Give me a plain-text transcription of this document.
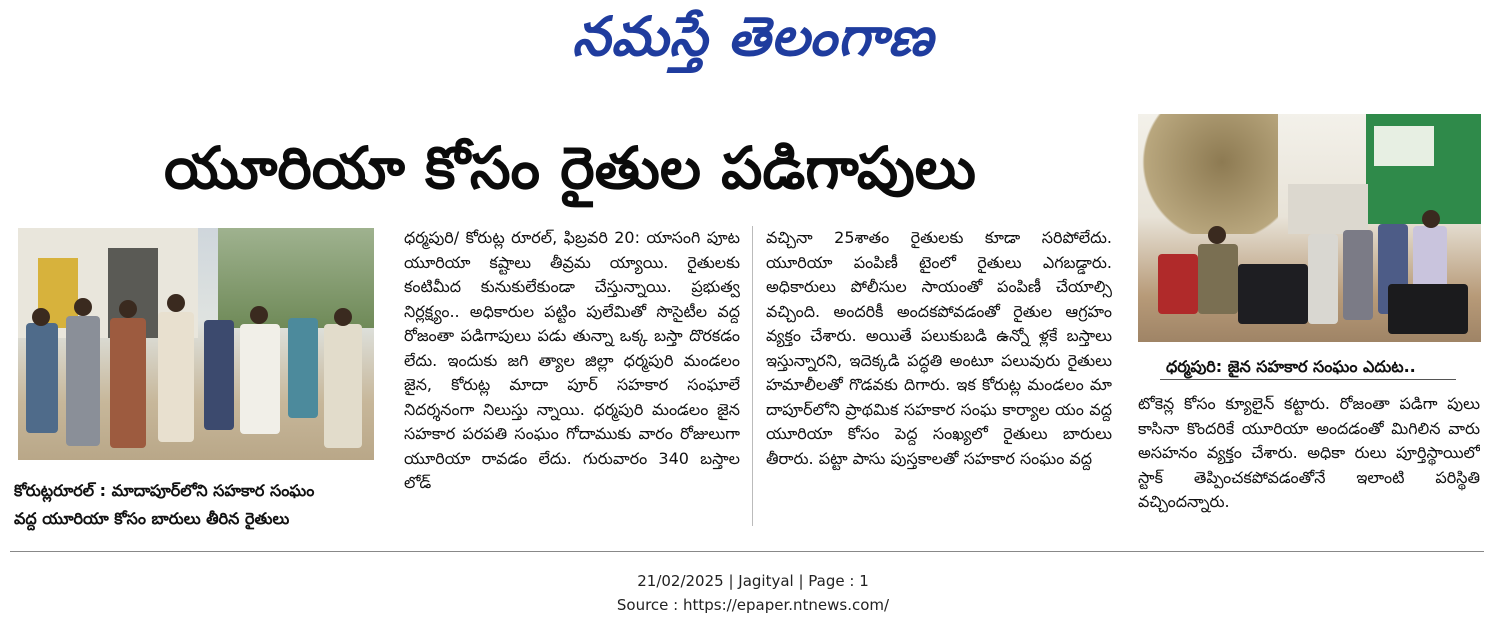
నమస్తే తెలంగాణ
యూరియా కోసం రైతుల పడిగాపులు
కోరుట్లరూరల్ : మాదాపూర్‌లోని సహకార సంఘం
వద్ద యూరియా కోసం బారులు తీరిన రైతులు

ధర్మపురి/ కోరుట్ల రూరల్, ఫిబ్రవరి 20: యాసంగి పూట యూరియా కష్టాలు తీవ్రమ య్యాయి. రైతులకు కంటిమీద కునుకులేకుండా చేస్తున్నాయి. ప్రభుత్వ నిర్లక్ష్యం.. అధికారుల పట్టిం పులేమితో సొసైటీల వద్ద రోజంతా పడిగాపులు పడు తున్నా ఒక్క బస్తా దొరకడం లేదు. ఇందుకు జగి త్యాల జిల్లా ధర్మపురి మండలం జైన, కోరుట్ల మాదా పూర్ సహకార సంఘాలే నిదర్శనంగా నిలుస్తు న్నాయి. ధర్మపురి మండలం జైన సహకార పరపతి సంఘం గోదాముకు వారం రోజులుగా యూరియా రావడం లేదు. గురువారం 340 బస్తాల లోడ్

వచ్చినా 25శాతం రైతులకు కూడా సరిపోలేదు. యూరియా పంపిణీ టైంలో రైతులు ఎగబడ్డారు. అధికారులు పోలీసుల సాయంతో పంపిణీ చేయాల్సి వచ్చింది. అందరికీ అందకపోవడంతో రైతుల ఆగ్రహం వ్యక్తం చేశారు. అయితే పలుకుబడి ఉన్నో ళ్లకే బస్తాలు ఇస్తున్నారని, ఇదెక్కడి పద్ధతి అంటూ పలువురు రైతులు హమాలీలతో గొడవకు దిగారు. ఇక కోరుట్ల మండలం మా దాపూర్‌లోని ప్రాథమిక సహకార సంఘ కార్యాల యం వద్ద యూరియా కోసం పెద్ద సంఖ్యలో రైతులు బారులు తీరారు. పట్టా పాసు పుస్తకాలతో సహకార సంఘం వద్ద

ధర్మపురి: జైన సహకార సంఘం ఎదుట..

టోకెన్ల కోసం క్యూలైన్ కట్టారు. రోజంతా పడిగా పులు కాసినా కొందరికే యూరియా అందడంతో మిగిలిన వారు అసహనం వ్యక్తం చేశారు. అధికా రులు పూర్తిస్థాయిలో స్టాక్ తెప్పించకపోవడంతోనే ఇలాంటి పరిస్థితి వచ్చిందన్నారు.

21/02/2025 | Jagityal | Page : 1
Source : https://epaper.ntnews.com/
